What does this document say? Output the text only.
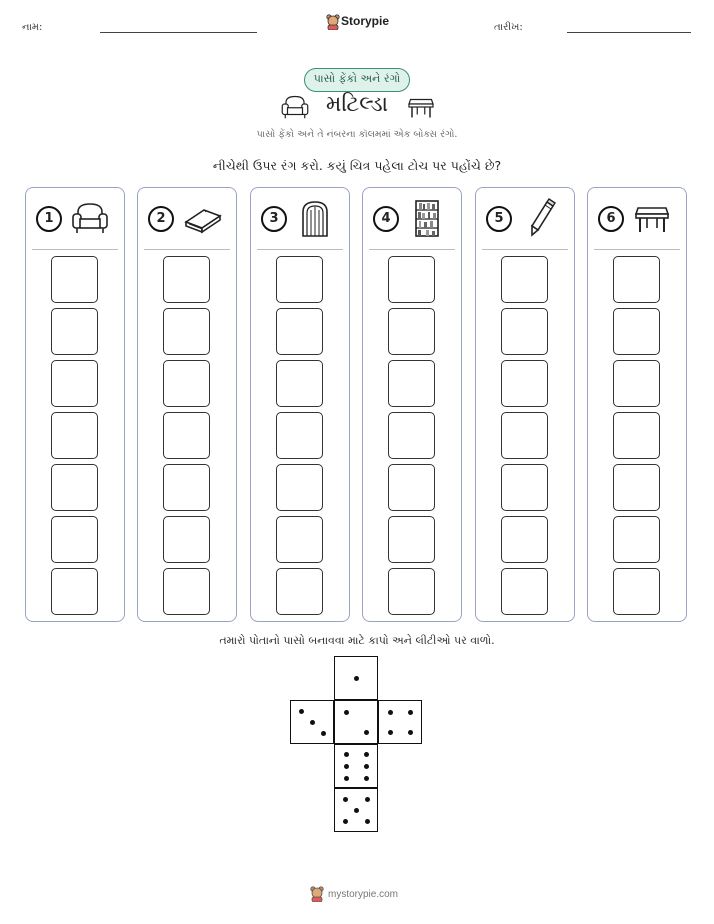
નામ:	Storypie	તારીખ:
પાસો ફેંકો અને રંગો
મટિલ્ડા
પાસો ફેંકો અને તે નંબરના કૉલમમાં એક બોક્સ રંગો.
નીચેથી ઉપર રંગ કરો. કયું ચિત્ર પહેલા ટોચ પર પહોંચે છે?
1	2	3	4	5	6
તમારો પોતાનો પાસો બનાવવા માટે કાપો અને લીટીઓ પર વાળો.
mystorypie.com
